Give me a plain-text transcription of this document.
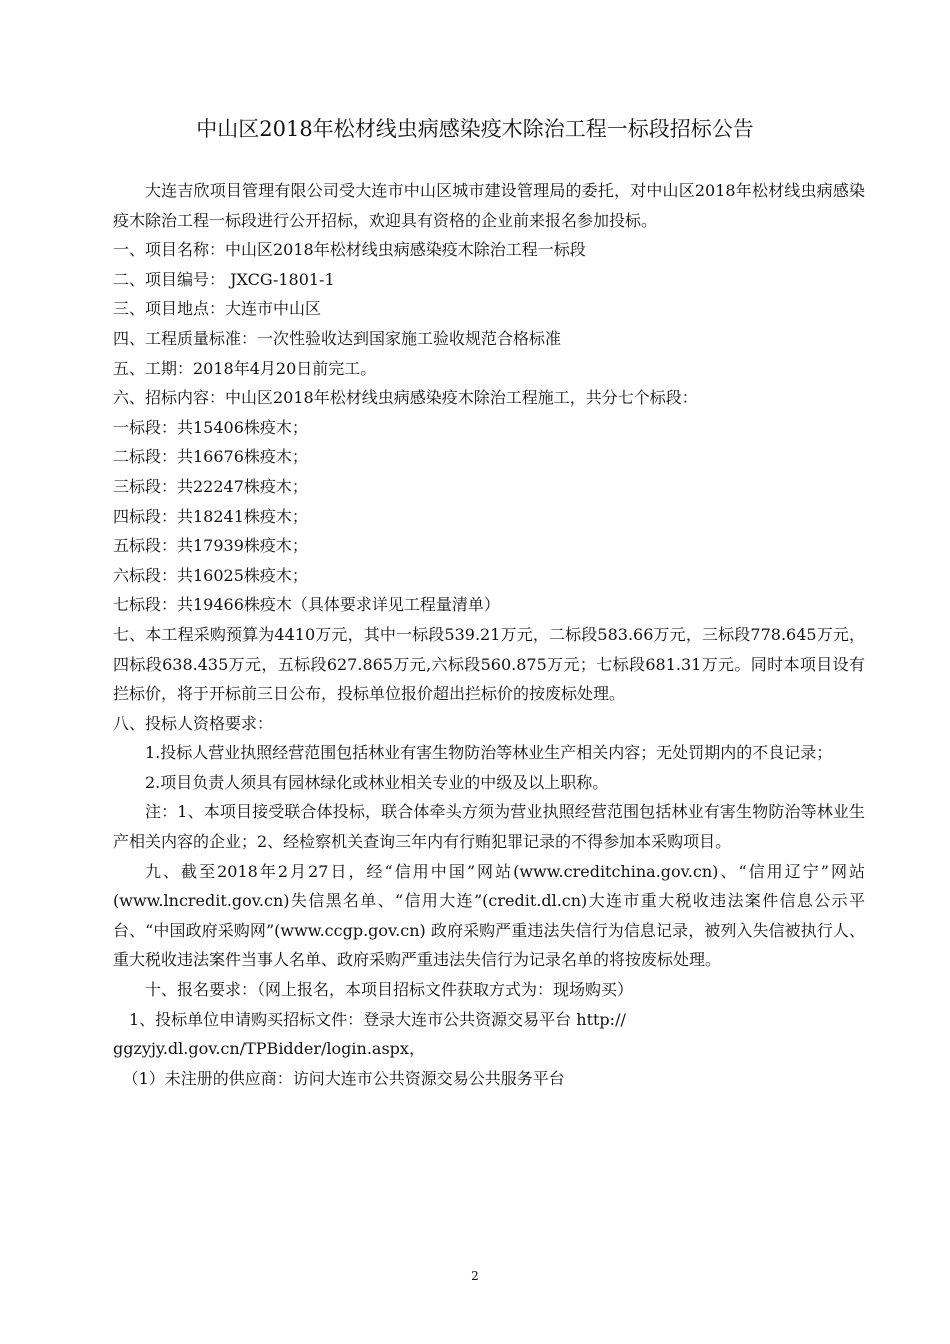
中山区2018年松材线虫病感染疫木除治工程一标段招标公告

大连吉欣项目管理有限公司受大连市中山区城市建设管理局的委托，对中山区2018年松材线虫病感染疫木除治工程一标段进行公开招标，欢迎具有资格的企业前来报名参加投标。

一、项目名称：中山区2018年松材线虫病感染疫木除治工程一标段

二、项目编号： JXCG-1801-1

三、项目地点：大连市中山区

四、工程质量标准：一次性验收达到国家施工验收规范合格标准

五、工期：2018年4月20日前完工。

六、招标内容：中山区2018年松材线虫病感染疫木除治工程施工，共分七个标段：

一标段：共15406株疫木；

二标段：共16676株疫木；

三标段：共22247株疫木；

四标段：共18241株疫木；

五标段：共17939株疫木；

六标段：共16025株疫木；

七标段：共19466株疫木（具体要求详见工程量清单）

七、本工程采购预算为4410万元，其中一标段539.21万元，二标段583.66万元，三标段778.645万元，四标段638.435万元，五标段627.865万元,六标段560.875万元；七标段681.31万元。同时本项目设有拦标价，将于开标前三日公布，投标单位报价超出拦标价的按废标处理。

八、投标人资格要求：

1.投标人营业执照经营范围包括林业有害生物防治等林业生产相关内容；无处罚期内的不良记录；

2.项目负责人须具有园林绿化或林业相关专业的中级及以上职称。

注：1、本项目接受联合体投标，联合体牵头方须为营业执照经营范围包括林业有害生物防治等林业生产相关内容的企业；2、经检察机关查询三年内有行贿犯罪记录的不得参加本采购项目。

九、截至2018年2月27日，经“信用中国”网站(www.creditchina.gov.cn)、“信用辽宁”网站(www.lncredit.gov.cn)失信黑名单、“信用大连”(credit.dl.cn)大连市重大税收违法案件信息公示平台、“中国政府采购网”(www.ccgp.gov.cn) 政府采购严重违法失信行为信息记录，被列入失信被执行人、重大税收违法案件当事人名单、政府采购严重违法失信行为记录名单的将按废标处理。

十、报名要求：（网上报名，本项目招标文件获取方式为：现场购买）

1、投标单位申请购买招标文件：登录大连市公共资源交易平台 http://

ggzyjy.dl.gov.cn/TPBidder/login.aspx，

（1）未注册的供应商：访问大连市公共资源交易公共服务平台

2
